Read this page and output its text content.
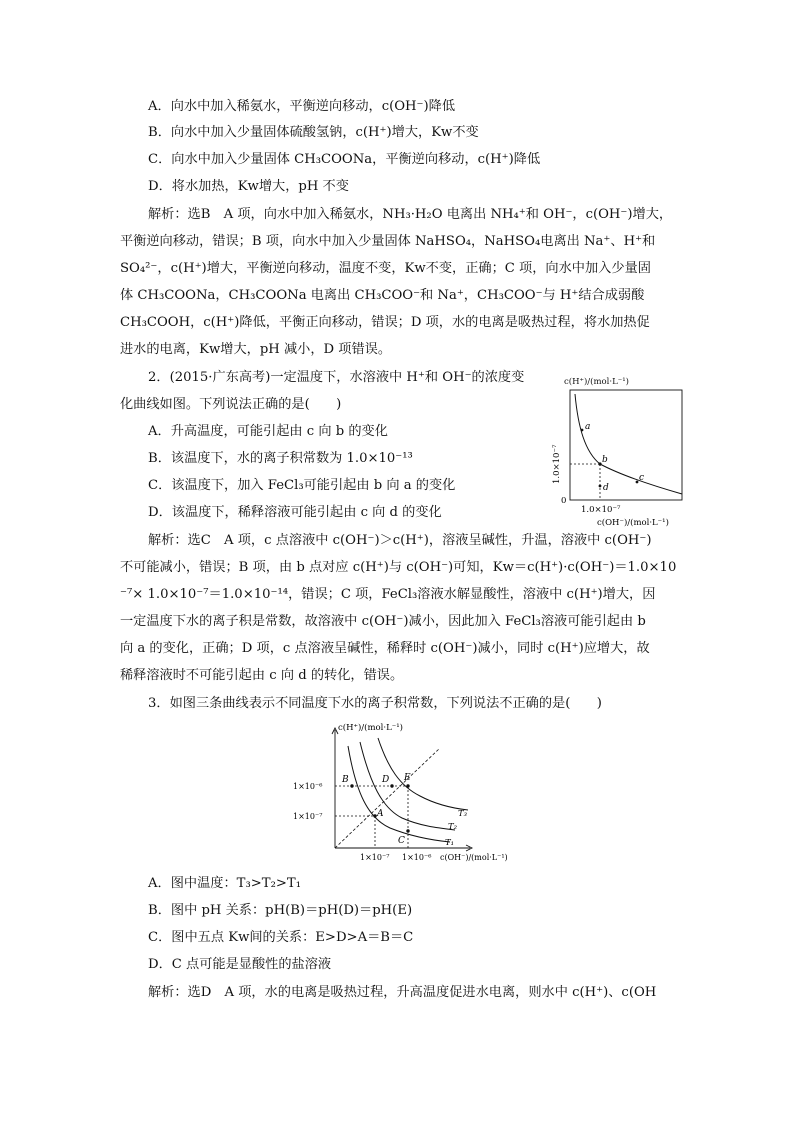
A．向水中加入稀氨水，平衡逆向移动，c(OH⁻)降低
B．向水中加入少量固体硫酸氢钠，c(H⁺)增大，Kw不变
C．向水中加入少量固体 CH₃COONa，平衡逆向移动，c(H⁺)降低
D．将水加热，Kw增大，pH 不变
解析：选B　A 项，向水中加入稀氨水，NH₃·H₂O 电离出 NH₄⁺和 OH⁻，c(OH⁻)增大，
平衡逆向移动，错误；B 项，向水中加入少量固体 NaHSO₄，NaHSO₄电离出 Na⁺、H⁺和
SO₄²⁻，c(H⁺)增大，平衡逆向移动，温度不变，Kw不变，正确；C 项，向水中加入少量固
体 CH₃COONa，CH₃COONa 电离出 CH₃COO⁻和 Na⁺，CH₃COO⁻与 H⁺结合成弱酸
CH₃COOH，c(H⁺)降低，平衡正向移动，错误；D 项，水的电离是吸热过程，将水加热促
进水的电离，Kw增大，pH 减小，D 项错误。
2．(2015·广东高考)一定温度下，水溶液中 H⁺和 OH⁻的浓度变
化曲线如图。下列说法正确的是(　　)
A．升高温度，可能引起由 c 向 b 的变化
B．该温度下，水的离子积常数为 1.0×10⁻¹³
C．该温度下，加入 FeCl₃可能引起由 b 向 a 的变化
D．该温度下，稀释溶液可能引起由 c 向 d 的变化
c(H⁺)/(mol·L⁻¹)
a
b
c
d
0
1.0×10⁻⁷
1.0×10⁻⁷
c(OH⁻)/(mol·L⁻¹)
解析：选C　A 项，c 点溶液中 c(OH⁻)＞c(H⁺)，溶液呈碱性，升温，溶液中 c(OH⁻)
不可能减小，错误；B 项，由 b 点对应 c(H⁺)与 c(OH⁻)可知，Kw＝c(H⁺)·c(OH⁻)＝1.0×10
⁻⁷× 1.0×10⁻⁷＝1.0×10⁻¹⁴，错误；C 项，FeCl₃溶液水解显酸性，溶液中 c(H⁺)增大，因
一定温度下水的离子积是常数，故溶液中 c(OH⁻)减小，因此加入 FeCl₃溶液可能引起由 b
向 a 的变化，正确；D 项，c 点溶液呈碱性，稀释时 c(OH⁻)减小，同时 c(H⁺)应增大，故
稀释溶液时不可能引起由 c 向 d 的转化，错误。
3．如图三条曲线表示不同温度下水的离子积常数，下列说法不正确的是(　　)
c(H⁺)/(mol·L⁻¹)
A
B
C
D E
T₃
T₂
T₁
1×10⁻⁶
1×10⁻⁷
1×10⁻⁷ 1×10⁻⁶ c(OH⁻)/(mol·L⁻¹)
A．图中温度：T₃>T₂>T₁
B．图中 pH 关系：pH(B)＝pH(D)＝pH(E)
C．图中五点 Kw间的关系：E>D>A＝B＝C
D．C 点可能是显酸性的盐溶液
解析：选D　A 项，水的电离是吸热过程，升高温度促进水电离，则水中 c(H⁺)、c(OH
